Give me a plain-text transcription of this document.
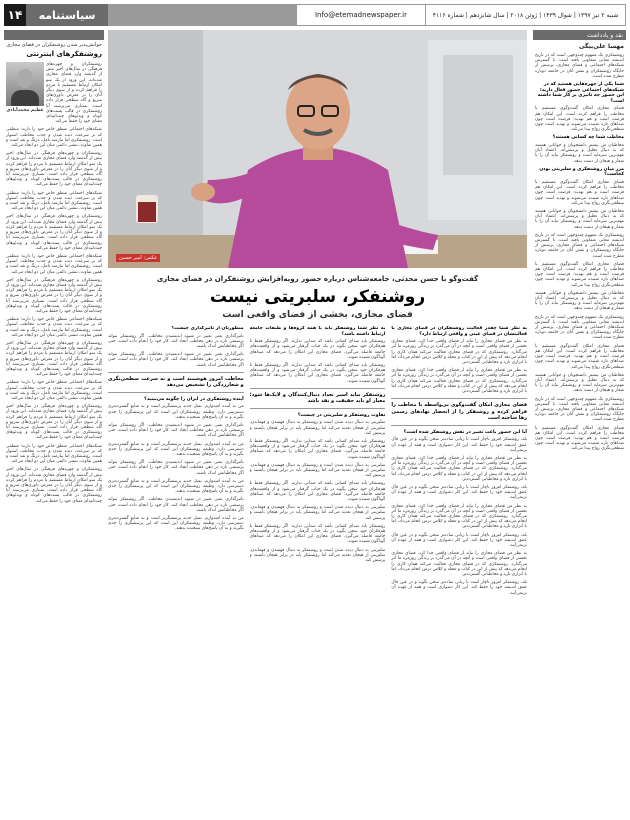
۱۴	سیاستنامه	Info@etemadnewspaper.ir	شنبه ۲ تیر ۱۳۹۷ | شوال ۱۴۳۹ | ژوئن ۲۰۱۸ | سال شانزدهم | شماره ۴۱۱۶
نقد و یادداشت
مهسا علی‌بیگی

روشنفکری یک مفهوم چندوجهی است که در تاریخ اندیشه معانی متفاوتی یافته است. با گسترش شبکه‌های اجتماعی و فضای مجازی، پرسش از جایگاه روشنفکران و نقش آنان در جامعه دوباره مطرح شده است.

شما یکی از چهره‌هایی هستید که در شبکه‌های اجتماعی حضور فعال دارید؛ این حضور چه تاثیری بر کار شما داشته است؟

فضای مجازی امکان گفت‌وگوی مستقیم با مخاطب را فراهم کرده است. این امکان هم فرصت است و هم تهدید؛ فرصت است چون صداهای تازه شنیده می‌شوند و تهدید است چون سطحی‌نگری رواج پیدا می‌کند.

مخاطب شما چه کسانی هستند؟

مخاطبان من بیشتر دانشجویان و جوانانی هستند که به دنبال تحلیل و پرسش‌اند. اعتماد آنان مهم‌ترین سرمایه است و روشنفکر نباید آن را با شعار و هیجان از دست بدهد.

مرز میان روشنفکری و سلبریتی بودن کجاست؟

فضای مجازی امکان گفت‌وگوی مستقیم با مخاطب را فراهم کرده است. این امکان هم فرصت است و هم تهدید؛ فرصت است چون صداهای تازه شنیده می‌شوند و تهدید است چون سطحی‌نگری رواج پیدا می‌کند.

مخاطبان من بیشتر دانشجویان و جوانانی هستند که به دنبال تحلیل و پرسش‌اند. اعتماد آنان مهم‌ترین سرمایه است و روشنفکر نباید آن را با شعار و هیجان از دست بدهد.

روشنفکری یک مفهوم چندوجهی است که در تاریخ اندیشه معانی متفاوتی یافته است. با گسترش شبکه‌های اجتماعی و فضای مجازی، پرسش از جایگاه روشنفکران و نقش آنان در جامعه دوباره مطرح شده است.

فضای مجازی امکان گفت‌وگوی مستقیم با مخاطب را فراهم کرده است. این امکان هم فرصت است و هم تهدید؛ فرصت است چون صداهای تازه شنیده می‌شوند و تهدید است چون سطحی‌نگری رواج پیدا می‌کند.

مخاطبان من بیشتر دانشجویان و جوانانی هستند که به دنبال تحلیل و پرسش‌اند. اعتماد آنان مهم‌ترین سرمایه است و روشنفکر نباید آن را با شعار و هیجان از دست بدهد.

روشنفکری یک مفهوم چندوجهی است که در تاریخ اندیشه معانی متفاوتی یافته است. با گسترش شبکه‌های اجتماعی و فضای مجازی، پرسش از جایگاه روشنفکران و نقش آنان در جامعه دوباره مطرح شده است.

فضای مجازی امکان گفت‌وگوی مستقیم با مخاطب را فراهم کرده است. این امکان هم فرصت است و هم تهدید؛ فرصت است چون صداهای تازه شنیده می‌شوند و تهدید است چون سطحی‌نگری رواج پیدا می‌کند.

مخاطبان من بیشتر دانشجویان و جوانانی هستند که به دنبال تحلیل و پرسش‌اند. اعتماد آنان مهم‌ترین سرمایه است و روشنفکر نباید آن را با شعار و هیجان از دست بدهد.

روشنفکری یک مفهوم چندوجهی است که در تاریخ اندیشه معانی متفاوتی یافته است. با گسترش شبکه‌های اجتماعی و فضای مجازی، پرسش از جایگاه روشنفکران و نقش آنان در جامعه دوباره مطرح شده است.

فضای مجازی امکان گفت‌وگوی مستقیم با مخاطب را فراهم کرده است. این امکان هم فرصت است و هم تهدید؛ فرصت است چون صداهای تازه شنیده می‌شوند و تهدید است چون سطحی‌نگری رواج پیدا می‌کند.

خوانش‌پذیر شدن روشنفکران در فضای مجازی
روشنفکرهای اینترنتی
عظیم محمدآبادی

روشنفکران و چهره‌های فرهنگی در سال‌های اخیر بیش از گذشته وارد فضای مجازی شده‌اند. این ورود از یک سو امکان ارتباط مستقیم با مردم را فراهم کرده و از سوی دیگر آنان را در معرض داوری‌های سریع و گاه سطحی قرار داده است. بسیاری می‌پرسند آیا روشنفکری در قالب پست‌های کوتاه و ویدئوهای چندثانیه‌ای معنای خود را حفظ می‌کند.

شبکه‌های اجتماعی منطق خاص خود را دارند؛ منطقی که بر سرعت، دیده شدن و جذب مخاطب استوار است. روشنفکری اما نیازمند تامل، درنگ و نقد است و همین تفاوت، تنشی دائمی میان این دو ایجاد می‌کند.

روشنفکران و چهره‌های فرهنگی در سال‌های اخیر بیش از گذشته وارد فضای مجازی شده‌اند. این ورود از یک سو امکان ارتباط مستقیم با مردم را فراهم کرده و از سوی دیگر آنان را در معرض داوری‌های سریع و گاه سطحی قرار داده است. بسیاری می‌پرسند آیا روشنفکری در قالب پست‌های کوتاه و ویدئوهای چندثانیه‌ای معنای خود را حفظ می‌کند.

شبکه‌های اجتماعی منطق خاص خود را دارند؛ منطقی که بر سرعت، دیده شدن و جذب مخاطب استوار است. روشنفکری اما نیازمند تامل، درنگ و نقد است و همین تفاوت، تنشی دائمی میان این دو ایجاد می‌کند.

روشنفکران و چهره‌های فرهنگی در سال‌های اخیر بیش از گذشته وارد فضای مجازی شده‌اند. این ورود از یک سو امکان ارتباط مستقیم با مردم را فراهم کرده و از سوی دیگر آنان را در معرض داوری‌های سریع و گاه سطحی قرار داده است. بسیاری می‌پرسند آیا روشنفکری در قالب پست‌های کوتاه و ویدئوهای چندثانیه‌ای معنای خود را حفظ می‌کند.

شبکه‌های اجتماعی منطق خاص خود را دارند؛ منطقی که بر سرعت، دیده شدن و جذب مخاطب استوار است. روشنفکری اما نیازمند تامل، درنگ و نقد است و همین تفاوت، تنشی دائمی میان این دو ایجاد می‌کند.

روشنفکران و چهره‌های فرهنگی در سال‌های اخیر بیش از گذشته وارد فضای مجازی شده‌اند. این ورود از یک سو امکان ارتباط مستقیم با مردم را فراهم کرده و از سوی دیگر آنان را در معرض داوری‌های سریع و گاه سطحی قرار داده است. بسیاری می‌پرسند آیا روشنفکری در قالب پست‌های کوتاه و ویدئوهای چندثانیه‌ای معنای خود را حفظ می‌کند.

شبکه‌های اجتماعی منطق خاص خود را دارند؛ منطقی که بر سرعت، دیده شدن و جذب مخاطب استوار است. روشنفکری اما نیازمند تامل، درنگ و نقد است و همین تفاوت، تنشی دائمی میان این دو ایجاد می‌کند.

روشنفکران و چهره‌های فرهنگی در سال‌های اخیر بیش از گذشته وارد فضای مجازی شده‌اند. این ورود از یک سو امکان ارتباط مستقیم با مردم را فراهم کرده و از سوی دیگر آنان را در معرض داوری‌های سریع و گاه سطحی قرار داده است. بسیاری می‌پرسند آیا روشنفکری در قالب پست‌های کوتاه و ویدئوهای چندثانیه‌ای معنای خود را حفظ می‌کند.

شبکه‌های اجتماعی منطق خاص خود را دارند؛ منطقی که بر سرعت، دیده شدن و جذب مخاطب استوار است. روشنفکری اما نیازمند تامل، درنگ و نقد است و همین تفاوت، تنشی دائمی میان این دو ایجاد می‌کند.

روشنفکران و چهره‌های فرهنگی در سال‌های اخیر بیش از گذشته وارد فضای مجازی شده‌اند. این ورود از یک سو امکان ارتباط مستقیم با مردم را فراهم کرده و از سوی دیگر آنان را در معرض داوری‌های سریع و گاه سطحی قرار داده است. بسیاری می‌پرسند آیا روشنفکری در قالب پست‌های کوتاه و ویدئوهای چندثانیه‌ای معنای خود را حفظ می‌کند.

شبکه‌های اجتماعی منطق خاص خود را دارند؛ منطقی که بر سرعت، دیده شدن و جذب مخاطب استوار است. روشنفکری اما نیازمند تامل، درنگ و نقد است و همین تفاوت، تنشی دائمی میان این دو ایجاد می‌کند.

روشنفکران و چهره‌های فرهنگی در سال‌های اخیر بیش از گذشته وارد فضای مجازی شده‌اند. این ورود از یک سو امکان ارتباط مستقیم با مردم را فراهم کرده و از سوی دیگر آنان را در معرض داوری‌های سریع و گاه سطحی قرار داده است. بسیاری می‌پرسند آیا روشنفکری در قالب پست‌های کوتاه و ویدئوهای چندثانیه‌ای معنای خود را حفظ می‌کند.

عکس: امیر حسین
گفت‌وگو با حسن محدثی، جامعه‌شناس درباره حضور روبه‌افزایش روشنفکران در فضای مجازی
روشنفکر، سلبریتی نیست
فضای مجازی، بخشی از فضای واقعی است

به نظر شما چقدر فعالیت روشنفکران در فضای مجازی با فعالیتشان در فضای عینی و واقعی ارتباط دارد؟

به نظر من فضای مجازی را نباید از فضای واقعی جدا کرد. فضای مجازی بخشی از فضای واقعی است و آنچه در آن می‌گذرد بر زندگی روزمره ما اثر می‌گذارد. روشنفکری که در فضای مجازی فعالیت می‌کند همان کاری را انجام می‌دهد که پیش از این در کتاب و مجله و کلاس درس انجام می‌داد، اما با ابزاری تازه و مخاطبانی گسترده‌تر.

به نظر من فضای مجازی را نباید از فضای واقعی جدا کرد. فضای مجازی بخشی از فضای واقعی است و آنچه در آن می‌گذرد بر زندگی روزمره ما اثر می‌گذارد. روشنفکری که در فضای مجازی فعالیت می‌کند همان کاری را انجام می‌دهد که پیش از این در کتاب و مجله و کلاس درس انجام می‌داد، اما با ابزاری تازه و مخاطبانی گسترده‌تر.

فضای مجازی امکان گفت‌وگوی بی‌واسطه با مخاطب را فراهم کرده و روشنفکر را از انحصار نهادهای رسمی رها ساخته است

آیا این حضور باعث تغییر در نقش روشنفکر شده است؟

بله، روشنفکر امروز ناچار است با زبانی ساده‌تر سخن بگوید و در عین حال عمق اندیشه خود را حفظ کند. این کار دشواری است و همه از عهده آن برنمی‌آیند.

به نظر من فضای مجازی را نباید از فضای واقعی جدا کرد. فضای مجازی بخشی از فضای واقعی است و آنچه در آن می‌گذرد بر زندگی روزمره ما اثر می‌گذارد. روشنفکری که در فضای مجازی فعالیت می‌کند همان کاری را انجام می‌دهد که پیش از این در کتاب و مجله و کلاس درس انجام می‌داد، اما با ابزاری تازه و مخاطبانی گسترده‌تر.

بله، روشنفکر امروز ناچار است با زبانی ساده‌تر سخن بگوید و در عین حال عمق اندیشه خود را حفظ کند. این کار دشواری است و همه از عهده آن برنمی‌آیند.

به نظر من فضای مجازی را نباید از فضای واقعی جدا کرد. فضای مجازی بخشی از فضای واقعی است و آنچه در آن می‌گذرد بر زندگی روزمره ما اثر می‌گذارد. روشنفکری که در فضای مجازی فعالیت می‌کند همان کاری را انجام می‌دهد که پیش از این در کتاب و مجله و کلاس درس انجام می‌داد، اما با ابزاری تازه و مخاطبانی گسترده‌تر.

بله، روشنفکر امروز ناچار است با زبانی ساده‌تر سخن بگوید و در عین حال عمق اندیشه خود را حفظ کند. این کار دشواری است و همه از عهده آن برنمی‌آیند.

به نظر من فضای مجازی را نباید از فضای واقعی جدا کرد. فضای مجازی بخشی از فضای واقعی است و آنچه در آن می‌گذرد بر زندگی روزمره ما اثر می‌گذارد. روشنفکری که در فضای مجازی فعالیت می‌کند همان کاری را انجام می‌دهد که پیش از این در کتاب و مجله و کلاس درس انجام می‌داد، اما با ابزاری تازه و مخاطبانی گسترده‌تر.

بله، روشنفکر امروز ناچار است با زبانی ساده‌تر سخن بگوید و در عین حال عمق اندیشه خود را حفظ کند. این کار دشواری است و همه از عهده آن برنمی‌آیند.

به نظر شما روشنفکر باید با همه گروه‌ها و طبقات جامعه ارتباط داشته باشد؟

روشنفکر باید صدای کسانی باشد که صدایی ندارند. اگر روشنفکر فقط با هم‌فکران خود سخن بگوید در یک حباب گرفتار می‌شود و از واقعیت‌های جامعه فاصله می‌گیرد. فضای مجازی این امکان را می‌دهد که صداهای گوناگون شنیده شوند.

روشنفکر باید صدای کسانی باشد که صدایی ندارند. اگر روشنفکر فقط با هم‌فکران خود سخن بگوید در یک حباب گرفتار می‌شود و از واقعیت‌های جامعه فاصله می‌گیرد. فضای مجازی این امکان را می‌دهد که صداهای گوناگون شنیده شوند.

روشنفکر نباید اسیر تعداد دنبال‌کنندگان و لایک‌ها شود؛ معیار او باید حقیقت و نقد باشد

تفاوت روشنفکر و سلبریتی در چیست؟

سلبریتی به دنبال دیده شدن است و روشنفکر به دنبال فهمیدن و فهماندن. سلبریتی از هیجان تغذیه می‌کند اما روشنفکر باید در برابر هیجان بایستد و پرسش کند.

روشنفکر باید صدای کسانی باشد که صدایی ندارند. اگر روشنفکر فقط با هم‌فکران خود سخن بگوید در یک حباب گرفتار می‌شود و از واقعیت‌های جامعه فاصله می‌گیرد. فضای مجازی این امکان را می‌دهد که صداهای گوناگون شنیده شوند.

سلبریتی به دنبال دیده شدن است و روشنفکر به دنبال فهمیدن و فهماندن. سلبریتی از هیجان تغذیه می‌کند اما روشنفکر باید در برابر هیجان بایستد و پرسش کند.

روشنفکر باید صدای کسانی باشد که صدایی ندارند. اگر روشنفکر فقط با هم‌فکران خود سخن بگوید در یک حباب گرفتار می‌شود و از واقعیت‌های جامعه فاصله می‌گیرد. فضای مجازی این امکان را می‌دهد که صداهای گوناگون شنیده شوند.

سلبریتی به دنبال دیده شدن است و روشنفکر به دنبال فهمیدن و فهماندن. سلبریتی از هیجان تغذیه می‌کند اما روشنفکر باید در برابر هیجان بایستد و پرسش کند.

روشنفکر باید صدای کسانی باشد که صدایی ندارند. اگر روشنفکر فقط با هم‌فکران خود سخن بگوید در یک حباب گرفتار می‌شود و از واقعیت‌های جامعه فاصله می‌گیرد. فضای مجازی این امکان را می‌دهد که صداهای گوناگون شنیده شوند.

سلبریتی به دنبال دیده شدن است و روشنفکر به دنبال فهمیدن و فهماندن. سلبریتی از هیجان تغذیه می‌کند اما روشنفکر باید در برابر هیجان بایستد و پرسش کند.

منظورتان از تاثیرگذاری چیست؟

تاثیرگذاری یعنی تغییر در شیوه اندیشیدن مخاطب. اگر روشنفکر بتواند پرسشی تازه در ذهن مخاطب ایجاد کند، کار خود را انجام داده است، حتی اگر مخاطبانش اندک باشند.

تاثیرگذاری یعنی تغییر در شیوه اندیشیدن مخاطب. اگر روشنفکر بتواند پرسشی تازه در ذهن مخاطب ایجاد کند، کار خود را انجام داده است، حتی اگر مخاطبانش اندک باشند.

مخاطب امروز هوشمند است و به سرعت سطحی‌نگری و شعارزدگی را تشخیص می‌دهد

آینده روشنفکری در ایران را چگونه می‌بینید؟

من به آینده امیدوارم. نسل جدید پرسشگرتر است و به منابع گسترده‌تری دسترسی دارد. وظیفه روشنفکران این است که این پرسشگری را جدی بگیرند و به آن پاسخ‌های سنجیده بدهند.

تاثیرگذاری یعنی تغییر در شیوه اندیشیدن مخاطب. اگر روشنفکر بتواند پرسشی تازه در ذهن مخاطب ایجاد کند، کار خود را انجام داده است، حتی اگر مخاطبانش اندک باشند.

من به آینده امیدوارم. نسل جدید پرسشگرتر است و به منابع گسترده‌تری دسترسی دارد. وظیفه روشنفکران این است که این پرسشگری را جدی بگیرند و به آن پاسخ‌های سنجیده بدهند.

تاثیرگذاری یعنی تغییر در شیوه اندیشیدن مخاطب. اگر روشنفکر بتواند پرسشی تازه در ذهن مخاطب ایجاد کند، کار خود را انجام داده است، حتی اگر مخاطبانش اندک باشند.

من به آینده امیدوارم. نسل جدید پرسشگرتر است و به منابع گسترده‌تری دسترسی دارد. وظیفه روشنفکران این است که این پرسشگری را جدی بگیرند و به آن پاسخ‌های سنجیده بدهند.

تاثیرگذاری یعنی تغییر در شیوه اندیشیدن مخاطب. اگر روشنفکر بتواند پرسشی تازه در ذهن مخاطب ایجاد کند، کار خود را انجام داده است، حتی اگر مخاطبانش اندک باشند.

من به آینده امیدوارم. نسل جدید پرسشگرتر است و به منابع گسترده‌تری دسترسی دارد. وظیفه روشنفکران این است که این پرسشگری را جدی بگیرند و به آن پاسخ‌های سنجیده بدهند.
